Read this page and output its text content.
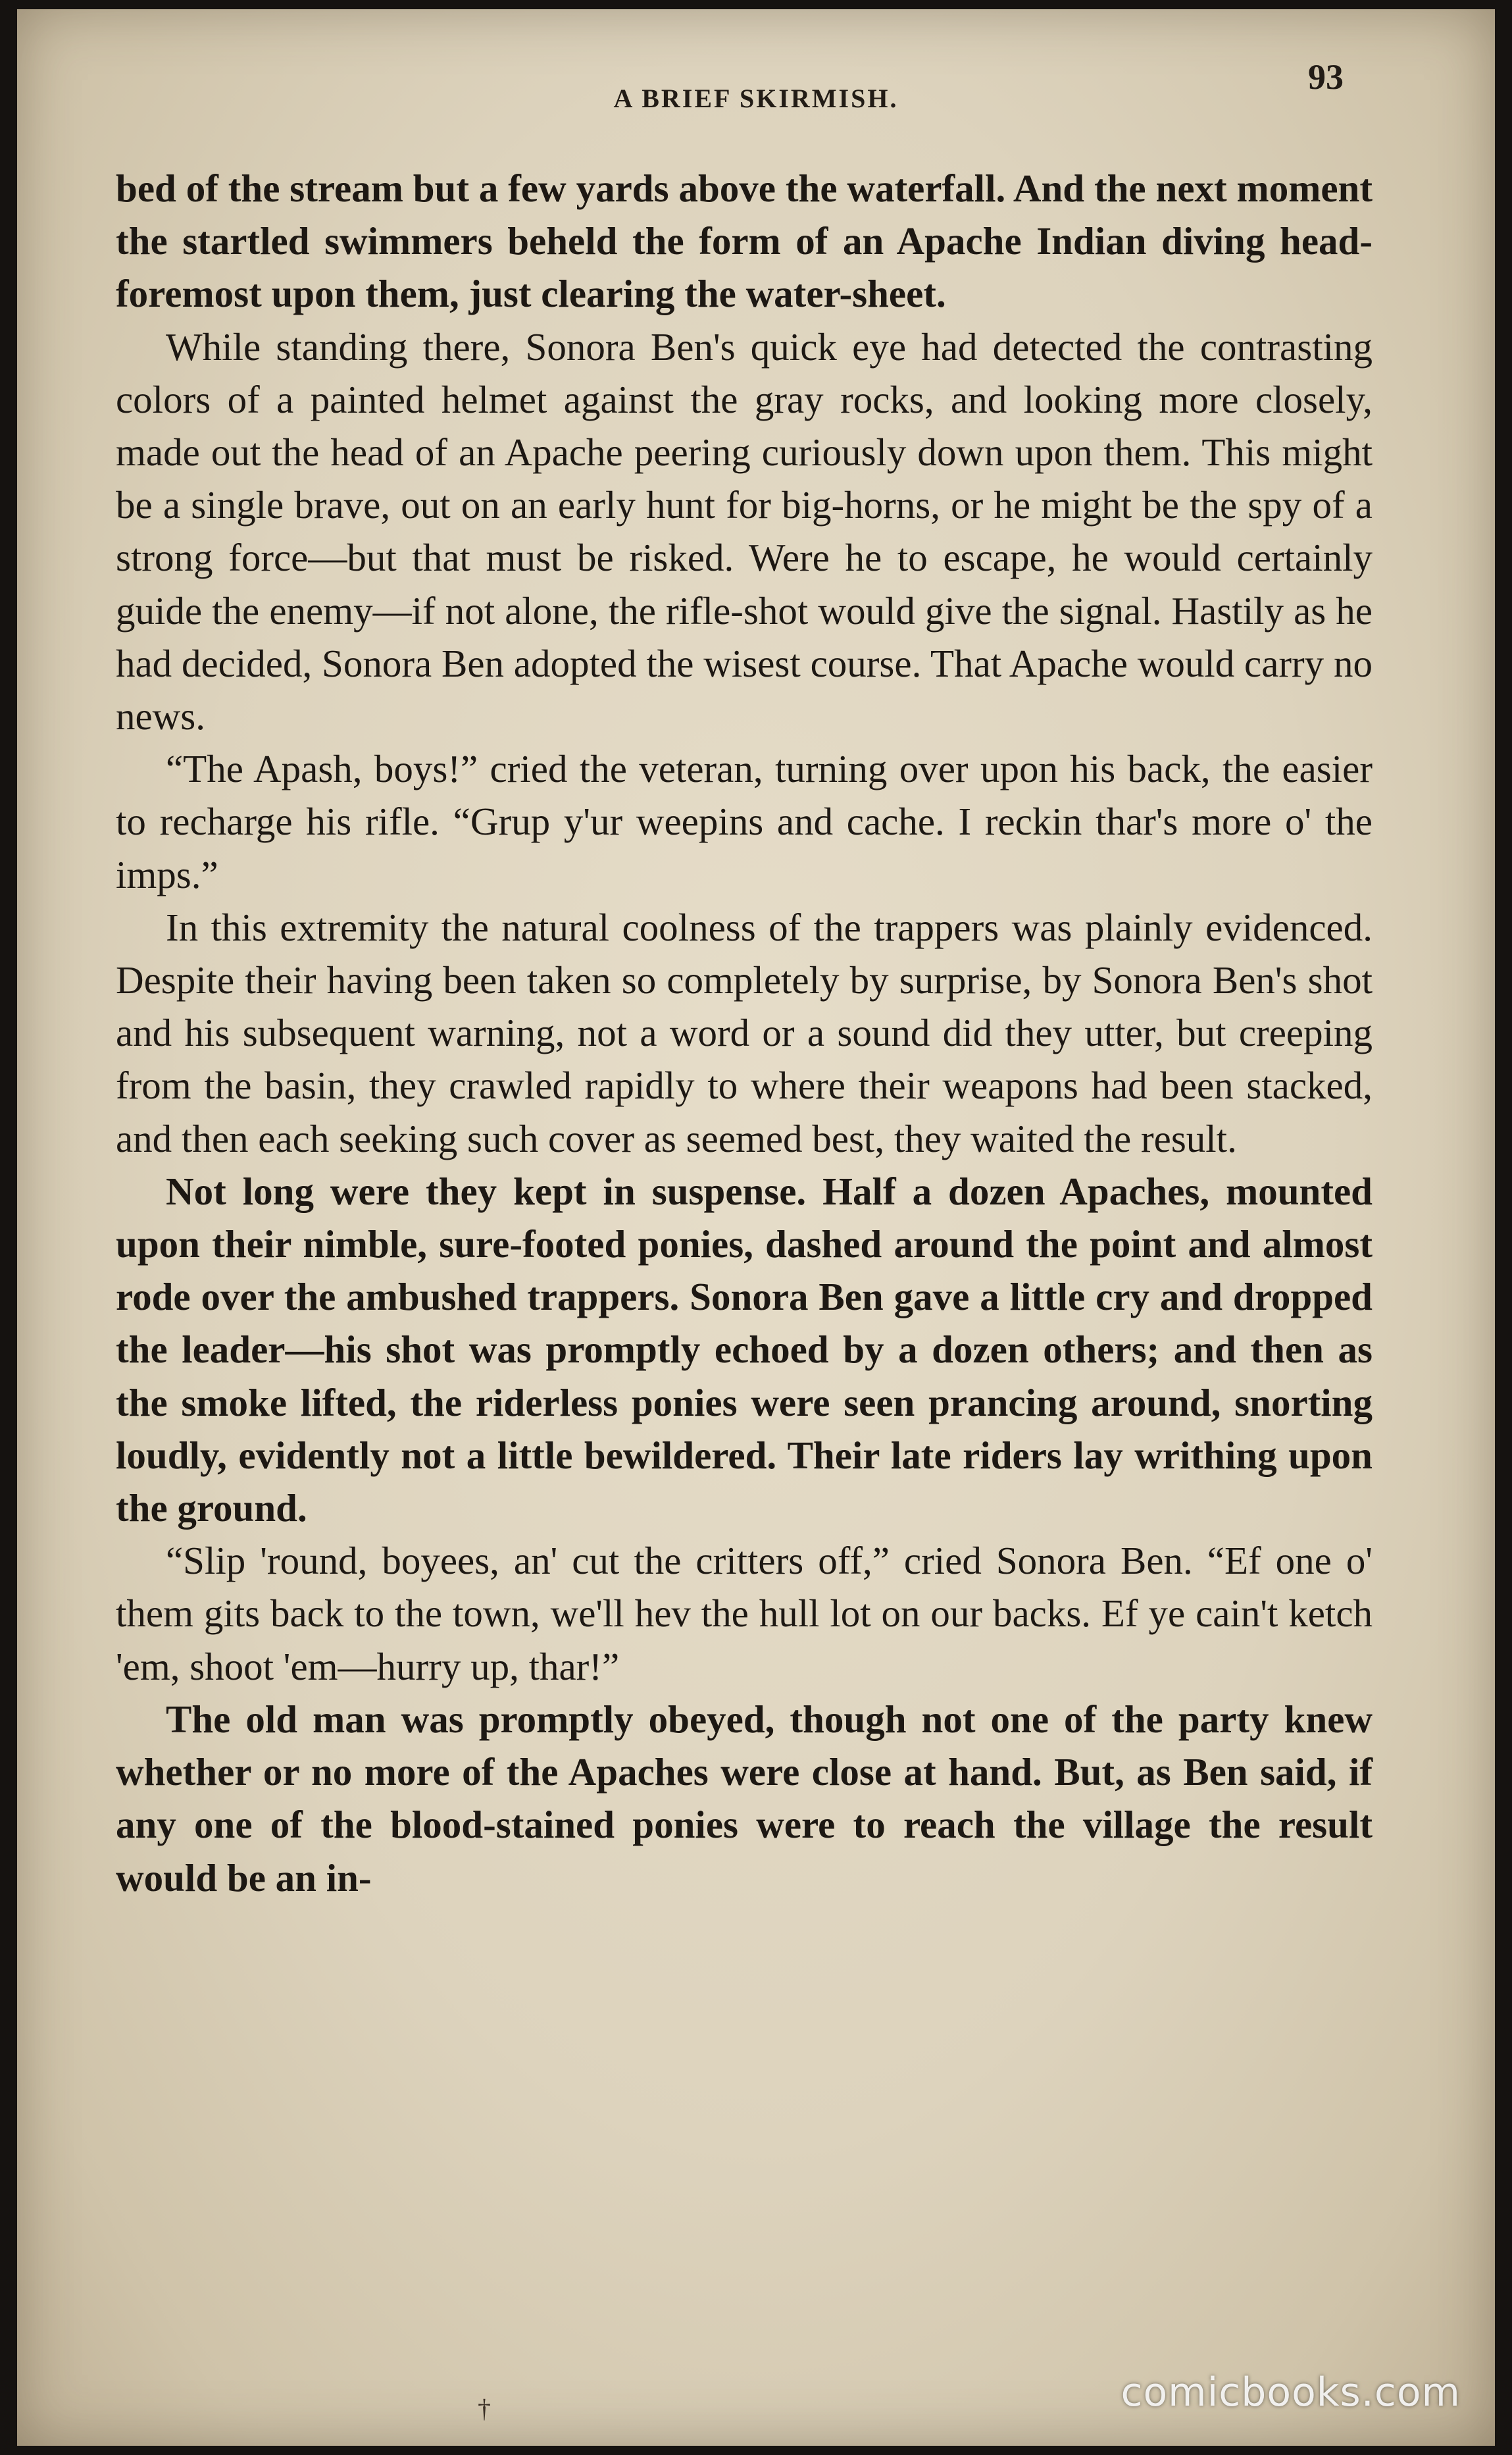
A BRIEF SKIRMISH.
93

bed of the stream but a few yards above the waterfall. And the next moment the startled swimmers beheld the form of an Apache Indian diving head-foremost upon them, just clearing the water-sheet.

While standing there, Sonora Ben's quick eye had detected the contrasting colors of a painted helmet against the gray rocks, and looking more closely, made out the head of an Apache peering curiously down upon them. This might be a single brave, out on an early hunt for big-horns, or he might be the spy of a strong force—but that must be risked. Were he to escape, he would certainly guide the enemy—if not alone, the rifle-shot would give the signal. Hastily as he had decided, Sonora Ben adopted the wisest course. That Apache would carry no news.

“The Apash, boys!” cried the veteran, turning over upon his back, the easier to recharge his rifle. “Grup y'ur weepins and cache. I reckin thar's more o' the imps.”

In this extremity the natural coolness of the trappers was plainly evidenced. Despite their having been taken so completely by surprise, by Sonora Ben's shot and his subsequent warning, not a word or a sound did they utter, but creeping from the basin, they crawled rapidly to where their weapons had been stacked, and then each seeking such cover as seemed best, they waited the result.

Not long were they kept in suspense. Half a dozen Apaches, mounted upon their nimble, sure-footed ponies, dashed around the point and almost rode over the ambushed trappers. Sonora Ben gave a little cry and dropped the leader—his shot was promptly echoed by a dozen others; and then as the smoke lifted, the riderless ponies were seen prancing around, snorting loudly, evidently not a little bewildered. Their late riders lay writhing upon the ground.

“Slip 'round, boyees, an' cut the critters off,” cried Sonora Ben. “Ef one o' them gits back to the town, we'll hev the hull lot on our backs. Ef ye cain't ketch 'em, shoot 'em—hurry up, thar!”

The old man was promptly obeyed, though not one of the party knew whether or no more of the Apaches were close at hand. But, as Ben said, if any one of the blood-stained ponies were to reach the village the result would be an in-

†	comicbooks.com
